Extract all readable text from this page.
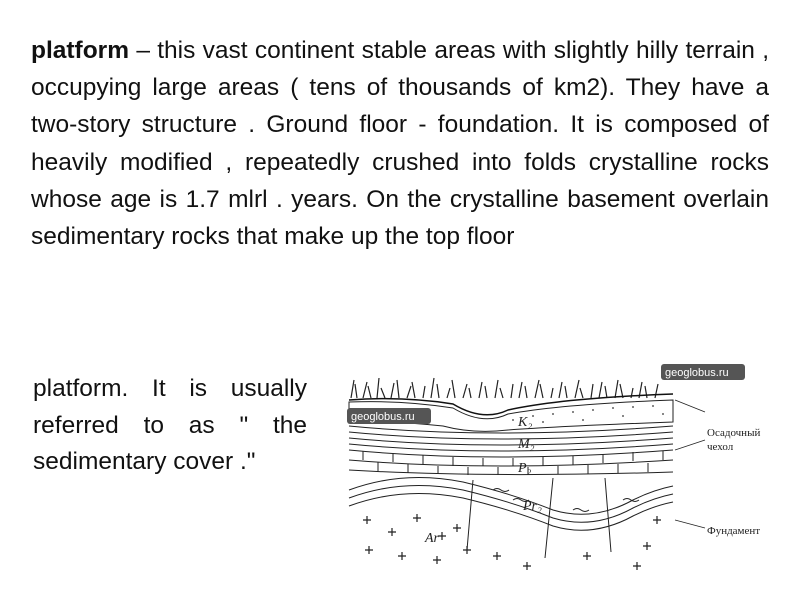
platform – this vast continent stable areas with slightly hilly terrain , occupying large areas ( tens of thousands of km2). They have a two-story structure . Ground floor - foundation. It is composed of heavily modified , repeatedly crushed into folds crystalline rocks whose age is 1.7 mlrl . years. On the crystalline basement overlain sedimentary rocks that make up the top floor

platform. It is usually referred to as " the sedimentary cover ."

geoglobus.ru
geoglobus.ru	K₂
M₂
P₂
Pr₂
Ar
Осадочный
чехол
Фундамент
